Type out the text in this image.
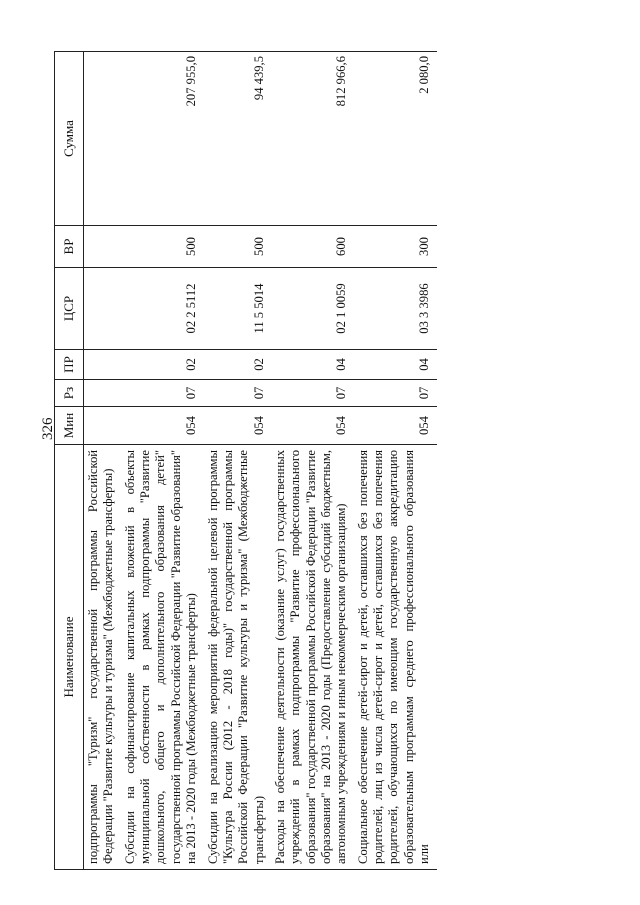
326
Наименование	Мин	Рз	ПР	ЦСР	ВР	Сумма
подпрограммы "Туризм" государственной программы Российской Федерации "Развитие культуры и туризма" (Межбюджетные трансферты)						
Субсидии на софинансирование капитальных вложений в объекты муниципальной собственности в рамках подпрограммы "Развитие дошкольного, общего и дополнительного образования детей" государственной программы Российской Федерации "Развитие образования" на 2013 - 2020 годы (Межбюджетные трансферты)	054	07	02	02 2 5112	500	207 955,0
Субсидии на реализацию мероприятий федеральной целевой программы "Культура России (2012 - 2018 годы)" государственной программы Российской Федерации "Развитие культуры и туризма" (Межбюджетные трансферты)	054	07	02	11 5 5014	500	94 439,5
Расходы на обеспечение деятельности (оказание услуг) государственных учреждений в рамках подпрограммы "Развитие профессионального образования" государственной программы Российской Федерации "Развитие образования" на 2013 - 2020 годы (Предоставление субсидий бюджетным, автономным учреждениям и иным некоммерческим организациям)	054	07	04	02 1 0059	600	812 966,6
Социальное обеспечение детей-сирот и детей, оставшихся без попечения родителей, лиц из числа детей-сирот и детей, оставшихся без попечения родителей, обучающихся по имеющим государственную аккредитацию образовательным программам среднего профессионального образования или	054	07	04	03 3 3986	300	2 080,0
